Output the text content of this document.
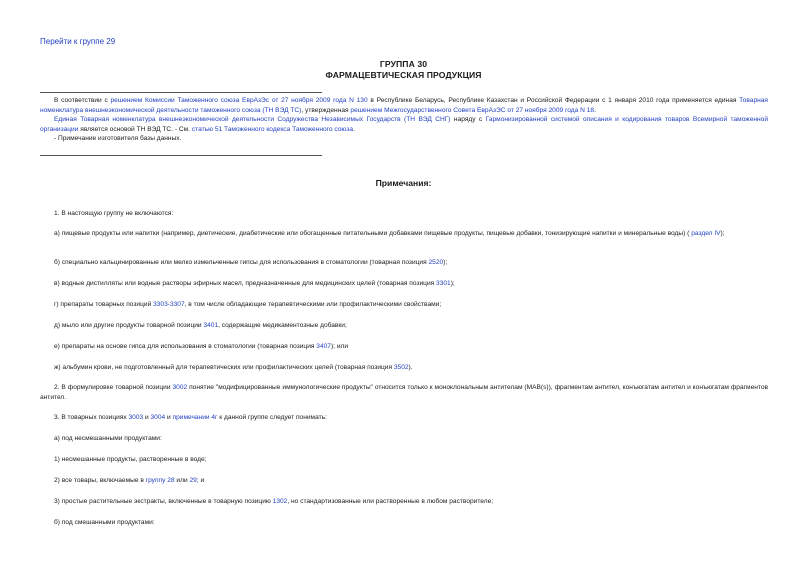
Перейти к группе 29
ГРУППА 30
ФАРМАЦЕВТИЧЕСКАЯ ПРОДУКЦИЯ

В соответствии с решением Комиссии Таможенного союза ЕврАзЭс от 27 ноября 2009 года N 130 в Республике Беларусь, Республике Казахстан и Российской Федерации с 1 января 2010 года применяется единая Товарная номенклатура внешнеэкономической деятельности таможенного союза (ТН ВЭД ТС), утвержденная решением Межгосударственного Совета ЕврАзЭС от 27 ноября 2009 года N 18.

Единая Товарная номенклатура внешнеэкономической деятельности Содружества Независимых Государств (ТН ВЭД СНГ) наряду с Гармонизированной системой описания и кодирования товаров Всемирной таможенной организации является основой ТН ВЭД ТС. - См. статью 51 Таможенного кодекса Таможенного союза.

- Примечание изготовителя базы данных.

Примечания:

1. В настоящую группу не включаются:

а) пищевые продукты или напитки (например, диетические, диабетические или обогащенные питательными добавками пищевые продукты, пищевые добавки, тонизирующие напитки и минеральные воды) ( раздел IV);

б) специально кальцинированные или мелко измельченные гипсы для использования в стоматологии (товарная позиция 2520);

в) водные дистилляты или водные растворы эфирных масел, предназначенные для медицинских целей (товарная позиция 3301);

г) препараты товарных позиций 3303-3307, в том числе обладающие терапевтическими или профилактическими свойствами;

д) мыло или другие продукты товарной позиции 3401, содержащие медикаментозные добавки;

е) препараты на основе гипса для использования в стоматологии (товарная позиция 3407); или

ж) альбумин крови, не подготовленный для терапевтических или профилактических целей (товарная позиция 3502).

2. В формулировке товарной позиции 3002 понятие "модифицированные иммунологические продукты" относится только к моноклональным антителам (MAB(s)), фрагментам антител, конъюгатам антител и конъюгатам фрагментов антител.

3. В товарных позициях 3003 и 3004 и примечании 4г к данной группе следует понимать:

а) под несмешанными продуктами:

1) несмешанные продукты, растворенные в воде;

2) все товары, включаемые в группу 28 или 29; и

3) простые растительные экстракты, включенные в товарную позицию 1302, но стандартизованные или растворенные в любом растворителе;

б) под смешанными продуктами:
